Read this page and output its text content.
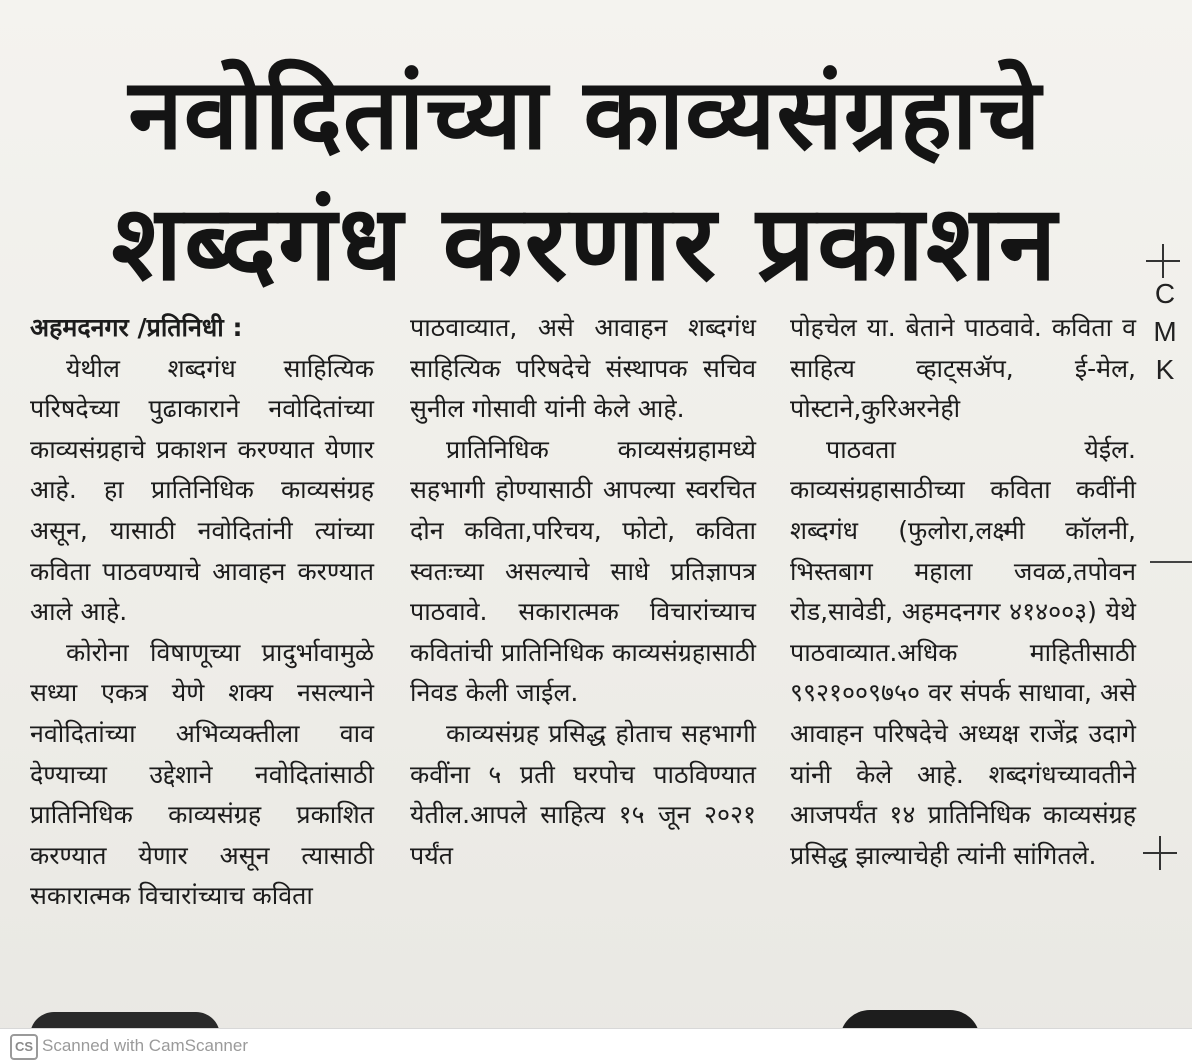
नवोदितांच्या काव्यसंग्रहाचे
शब्दगंध करणार प्रकाशन	C
M
K

अहमदनगर /प्रतिनिधी :

येथील शब्दगंध साहित्यिक परिषदेच्या पुढाकाराने नवोदितांच्या काव्यसंग्रहाचे प्रकाशन करण्यात येणार आहे. हा प्रातिनिधिक काव्यसंग्रह असून, यासाठी नवोदितांनी त्यांच्या कविता पाठवण्याचे आवाहन करण्यात आले आहे.

कोरोना विषाणूच्या प्रादुर्भावामुळे सध्या एकत्र येणे शक्य नसल्याने नवोदितांच्या अभिव्यक्तीला वाव देण्याच्या उद्देशाने नवोदितांसाठी प्रातिनिधिक काव्यसंग्रह प्रकाशित करण्यात येणार असून त्यासाठी सकारात्मक विचारांच्याच कविता

पाठवाव्यात, असे आवाहन शब्दगंध साहित्यिक परिषदेचे संस्थापक सचिव सुनील गोसावी यांनी केले आहे.

प्रातिनिधिक काव्यसंग्रहामध्ये सहभागी होण्यासाठी आपल्या स्वरचित दोन कविता,परिचय, फोटो, कविता स्वतःच्या असल्याचे साधे प्रतिज्ञापत्र पाठवावे. सकारात्मक विचारांच्याच कवितांची प्रातिनिधिक काव्यसंग्रहासाठी निवड केली जाईल.

काव्यसंग्रह प्रसिद्ध होताच सहभागी कवींना ५ प्रती घरपोच पाठविण्यात येतील.आपले साहित्य १५ जून २०२१ पर्यंत

पोहचेल या. बेताने पाठवावे. कविता व साहित्य व्हाट्सॲप, ई-मेल, पोस्टाने,कुरिअरनेही

पाठवता येईल. काव्यसंग्रहासाठीच्या कविता कवींनी शब्दगंध (फुलोरा,लक्ष्मी कॉलनी, भिस्तबाग महाला जवळ,तपोवन रोड,सावेडी, अहमदनगर ४१४००३) येथे पाठवाव्यात.अधिक माहितीसाठी ९९२१००९७५० वर संपर्क साधावा, असे आवाहन परिषदेचे अध्यक्ष राजेंद्र उदागे यांनी केले आहे. शब्दगंधच्यावतीने आजपर्यंत १४ प्रातिनिधिक काव्यसंग्रह प्रसिद्ध झाल्याचेही त्यांनी सांगितले.

CS Scanned with CamScanner
